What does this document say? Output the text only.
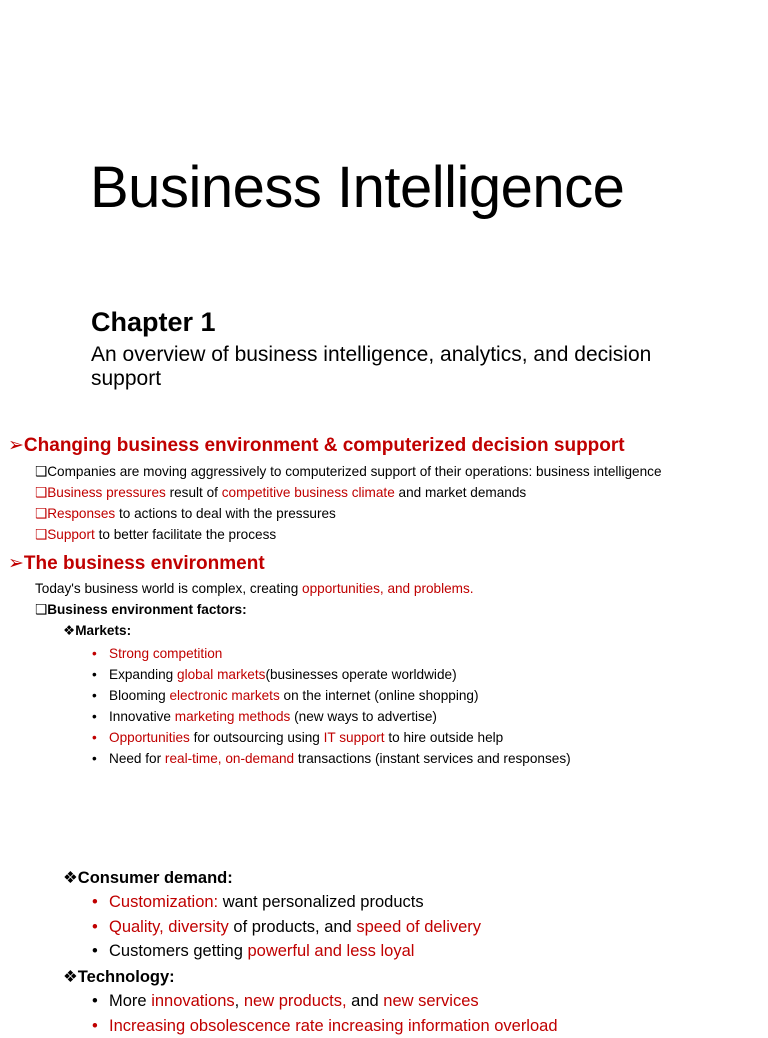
Business Intelligence
Chapter 1
An overview of business intelligence, analytics, and decision support
➢Changing business environment & computerized decision support
❑Companies are moving aggressively to computerized support of their operations: business intelligence
❑Business pressures result of competitive business climate and market demands
❑Responses to actions to deal with the pressures
❑Support to better facilitate the process
➢The business environment
Today's business world is complex, creating opportunities, and problems.
❑Business environment factors:
❖Markets:
• Strong competition
• Expanding global markets(businesses operate worldwide)
• Blooming electronic markets on the internet (online shopping)
• Innovative marketing methods (new ways to advertise)
• Opportunities for outsourcing using IT support to hire outside help
• Need for real-time, on-demand transactions (instant services and responses)
❖Consumer demand:
• Customization: want personalized products
• Quality, diversity of products, and speed of delivery
• Customers getting powerful and less loyal
❖Technology:
• More innovations, new products, and new services
• Increasing obsolescence rate increasing information overload
